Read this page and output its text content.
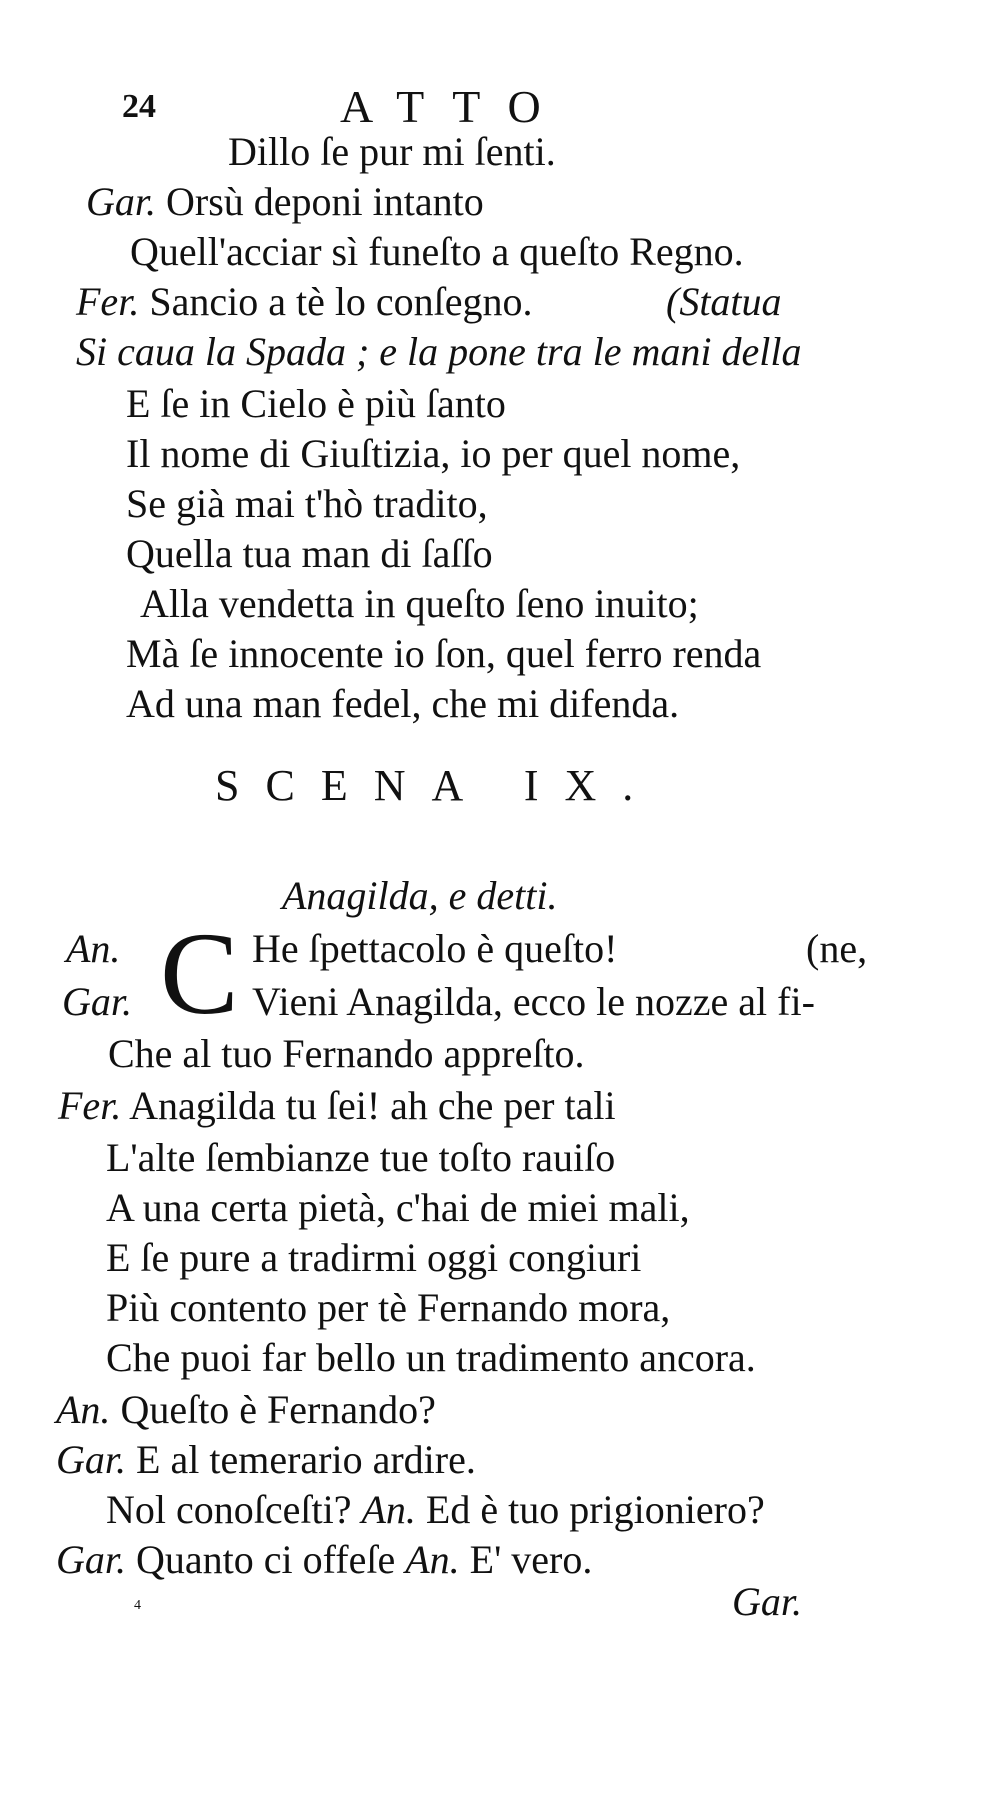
24	ATTO
Dillo ſe pur mi ſenti.
Gar. Orsù deponi intanto
Quell'acciar sì funeſto a queſto Regno.
Fer. Sancio a tè lo conſegno.	(Statua
Si caua la Spada ; e la pone tra le mani della
E ſe in Cielo è più ſanto
Il nome di Giuſtizia, io per quel nome,
Se già mai t'hò tradito,
Quella tua man di ſaſſo
Alla vendetta in queſto ſeno inuito;
Mà ſe innocente io ſon, quel ferro renda
Ad una man fedel, che mi difenda.
SCENA IX.
Anagilda, e detti.
C
An.	He ſpettacolo è queſto!	(ne,
Gar.	Vieni Anagilda, ecco le nozze al fi-
Che al tuo Fernando appreſto.
Fer. Anagilda tu ſei! ah che per tali
L'alte ſembianze tue toſto rauiſo
A una certa pietà, c'hai de miei mali,
E ſe pure a tradirmi oggi congiuri
Più contento per tè Fernando mora,
Che puoi far bello un tradimento ancora.
An. Queſto è Fernando?
Gar. E al temerario ardire.
Nol conoſceſti? An. Ed è tuo prigioniero?
Gar. Quanto ci offeſe An. E' vero.
4	Gar.
